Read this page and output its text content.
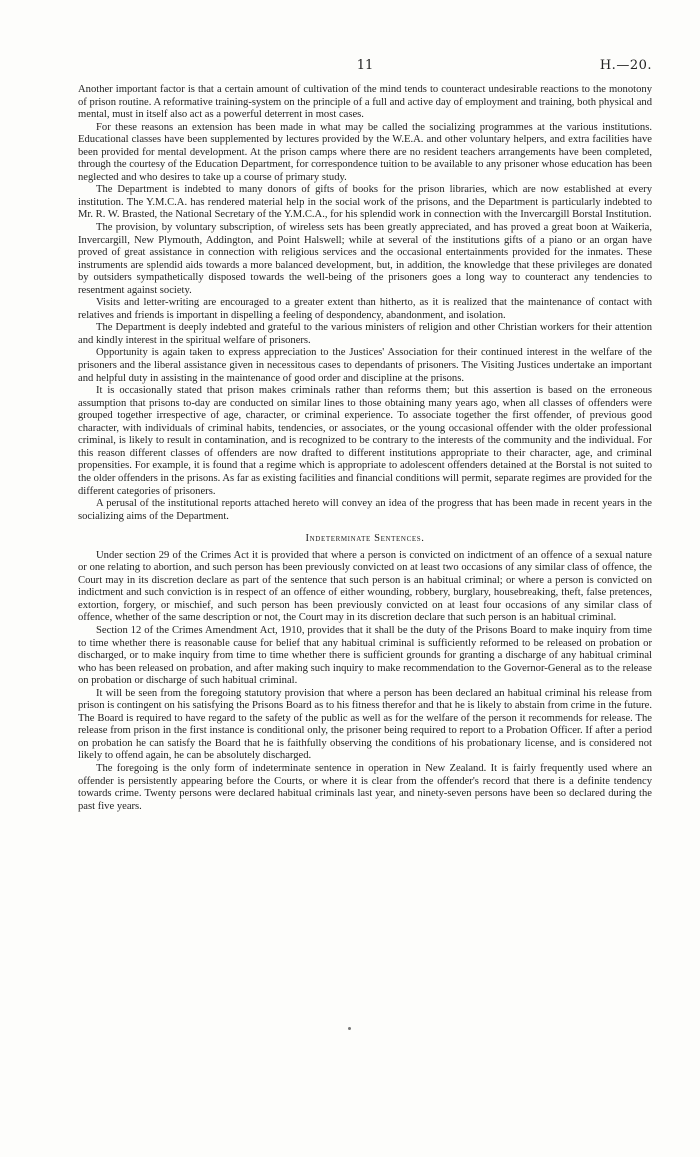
11	H.—20.

Another important factor is that a certain amount of cultivation of the mind tends to counteract undesirable reactions to the monotony of prison routine. A reformative training-system on the principle of a full and active day of employment and training, both physical and mental, must in itself also act as a powerful deterrent in most cases.

For these reasons an extension has been made in what may be called the socializing programmes at the various institutions. Educational classes have been supplemented by lectures provided by the W.E.A. and other voluntary helpers, and extra facilities have been provided for mental development. At the prison camps where there are no resident teachers arrangements have been completed, through the courtesy of the Education Department, for correspondence tuition to be available to any prisoner whose education has been neglected and who desires to take up a course of primary study.

The Department is indebted to many donors of gifts of books for the prison libraries, which are now established at every institution. The Y.M.C.A. has rendered material help in the social work of the prisons, and the Department is particularly indebted to Mr. R. W. Brasted, the National Secretary of the Y.M.C.A., for his splendid work in connection with the Invercargill Borstal Institution.

The provision, by voluntary subscription, of wireless sets has been greatly appreciated, and has proved a great boon at Waikeria, Invercargill, New Plymouth, Addington, and Point Halswell; while at several of the institutions gifts of a piano or an organ have proved of great assistance in connection with religious services and the occasional entertainments provided for the inmates. These instruments are splendid aids towards a more balanced development, but, in addition, the knowledge that these privileges are donated by outsiders sympathetically disposed towards the well-being of the prisoners goes a long way to counteract any tendencies to resentment against society.

Visits and letter-writing are encouraged to a greater extent than hitherto, as it is realized that the maintenance of contact with relatives and friends is important in dispelling a feeling of despondency, abandonment, and isolation.

The Department is deeply indebted and grateful to the various ministers of religion and other Christian workers for their attention and kindly interest in the spiritual welfare of prisoners.

Opportunity is again taken to express appreciation to the Justices' Association for their continued interest in the welfare of the prisoners and the liberal assistance given in necessitous cases to dependants of prisoners. The Visiting Justices undertake an important and helpful duty in assisting in the maintenance of good order and discipline at the prisons.

It is occasionally stated that prison makes criminals rather than reforms them; but this assertion is based on the erroneous assumption that prisons to-day are conducted on similar lines to those obtaining many years ago, when all classes of offenders were grouped together irrespective of age, character, or criminal experience. To associate together the first offender, of previous good character, with individuals of criminal habits, tendencies, or associates, or the young occasional offender with the older professional criminal, is likely to result in contamination, and is recognized to be contrary to the interests of the community and the individual. For this reason different classes of offenders are now drafted to different institutions appropriate to their character, age, and criminal propensities. For example, it is found that a regime which is appropriate to adolescent offenders detained at the Borstal is not suited to the older offenders in the prisons. As far as existing facilities and financial conditions will permit, separate regimes are provided for the different categories of prisoners.

A perusal of the institutional reports attached hereto will convey an idea of the progress that has been made in recent years in the socializing aims of the Department.

Indeterminate Sentences.

Under section 29 of the Crimes Act it is provided that where a person is convicted on indictment of an offence of a sexual nature or one relating to abortion, and such person has been previously convicted on at least two occasions of any similar class of offence, the Court may in its discretion declare as part of the sentence that such person is an habitual criminal; or where a person is convicted on indictment and such conviction is in respect of an offence of either wounding, robbery, burglary, housebreaking, theft, false pretences, extortion, forgery, or mischief, and such person has been previously convicted on at least four occasions of any similar class of offence, whether of the same description or not, the Court may in its discretion declare that such person is an habitual criminal.

Section 12 of the Crimes Amendment Act, 1910, provides that it shall be the duty of the Prisons Board to make inquiry from time to time whether there is reasonable cause for belief that any habitual criminal is sufficiently reformed to be released on probation or discharged, or to make inquiry from time to time whether there is sufficient grounds for granting a discharge of any habitual criminal who has been released on probation, and after making such inquiry to make recommendation to the Governor-General as to the release on probation or discharge of such habitual criminal.

It will be seen from the foregoing statutory provision that where a person has been declared an habitual criminal his release from prison is contingent on his satisfying the Prisons Board as to his fitness therefor and that he is likely to abstain from crime in the future. The Board is required to have regard to the safety of the public as well as for the welfare of the person it recommends for release. The release from prison in the first instance is conditional only, the prisoner being required to report to a Probation Officer. If after a period on probation he can satisfy the Board that he is faithfully observing the conditions of his probationary license, and is considered not likely to offend again, he can be absolutely discharged.

The foregoing is the only form of indeterminate sentence in operation in New Zealand. It is fairly frequently used where an offender is persistently appearing before the Courts, or where it is clear from the offender's record that there is a definite tendency towards crime. Twenty persons were declared habitual criminals last year, and ninety-seven persons have been so declared during the past five years.
